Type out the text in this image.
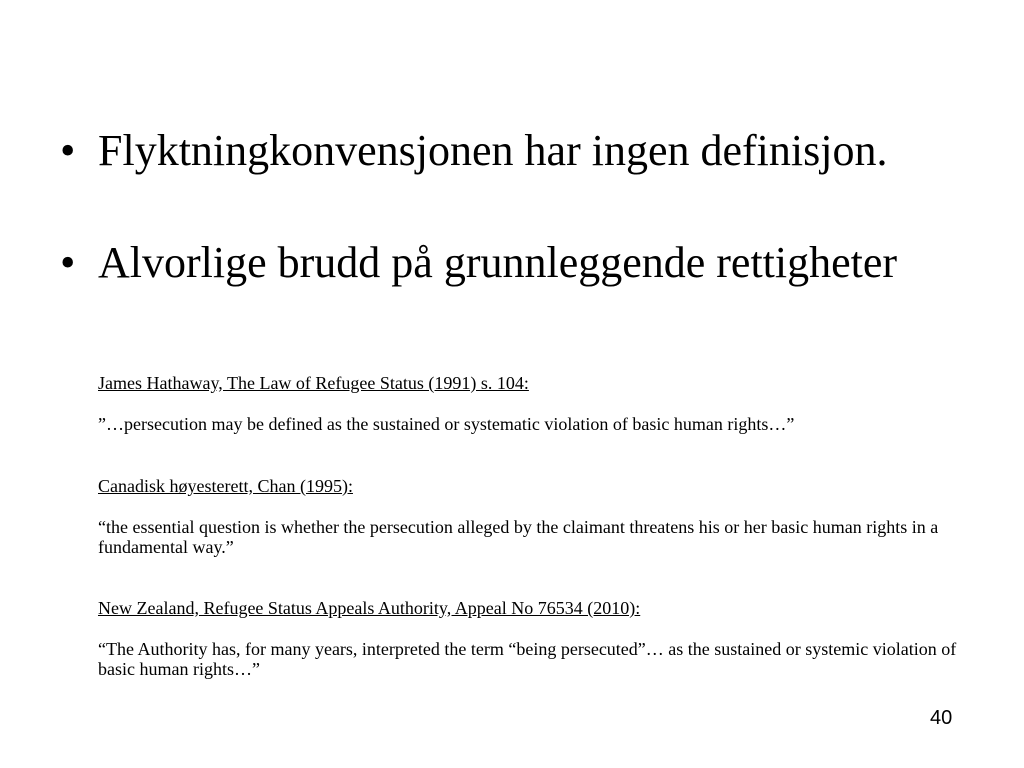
• Flyktningkonvensjonen har ingen definisjon.
• Alvorlige brudd på grunnleggende rettigheter

James Hathaway, The Law of Refugee Status (1991) s. 104:

”…persecution may be defined as the sustained or systematic violation of basic human rights…”

Canadisk høyesterett, Chan (1995):

“the essential question is whether the persecution alleged by the claimant threatens his or her basic human rights in a fundamental way.”

New Zealand, Refugee Status Appeals Authority, Appeal No 76534 (2010):

“The Authority has, for many years, interpreted the term “being persecuted”… as the sustained or systemic violation of basic human rights…”

40
